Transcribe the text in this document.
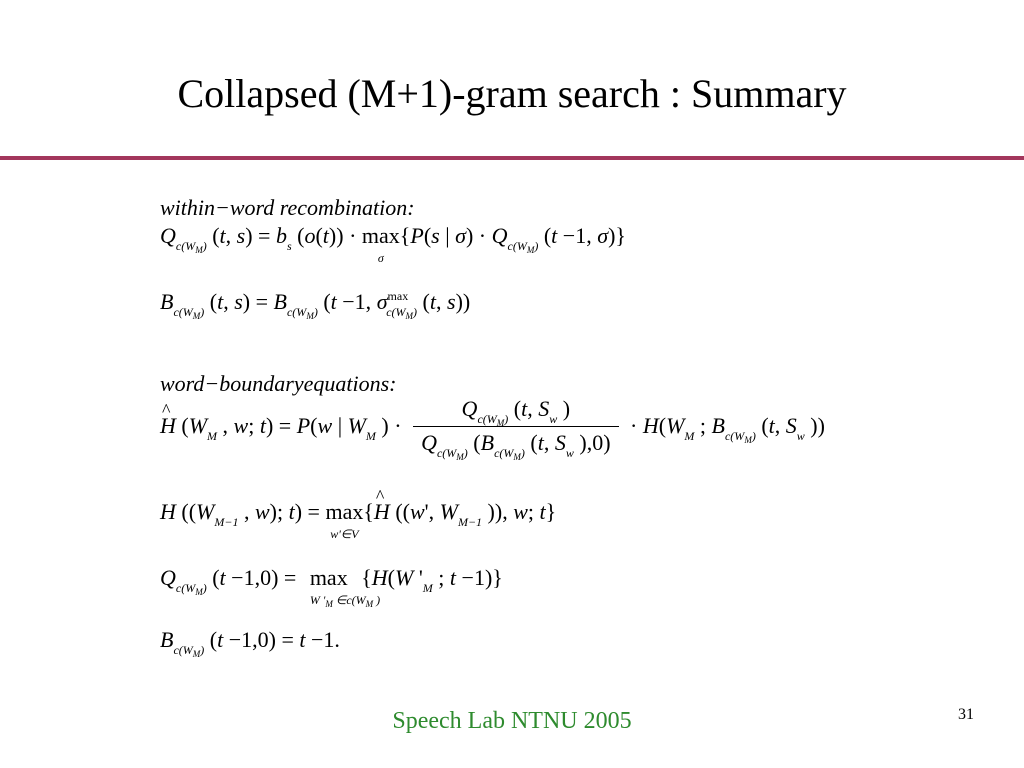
Collapsed (M+1)-gram search : Summary
within−word recombination:
$Q_{c(W_M)}$ (t, $s) = b_s$ (o(t)) · max
σ
{P(s | $\sigma) \cdot Q_{c(W_M)}$ (t −1, σ)}
$B_{c(W_M)}$ (t, $s) = B_{c(W_M)}$ (t −1, $\sigma^{max}_{c(W_M)}$ (t, s))
word−boundaryequations:
^ H ($W_M$ , w; t) = P(w | $W_M$ ) · $\frac{Q_{c(W_M)} (t, S_w )}{Q_{c(W_M)} (B_{c(W_M)} (t, S_w ),0)} \cdot H(W_M$ ; $B_{c(W_M)}$ (t, $S_w$ ))
H (($W_{M-1}$ , w); t) = max
w'∈V
{^ H ((w', $W_{M-1}$ )), w; t}
$Q_{c(W_M)}$ (t −1,0) = max
W '$_M$ $\in c(W_M$ )
{H(W '$_M$ ; t −1)}
$B_{c(W_M)}$ (t −1,0) = t −1.
Speech Lab NTNU 2005	31
